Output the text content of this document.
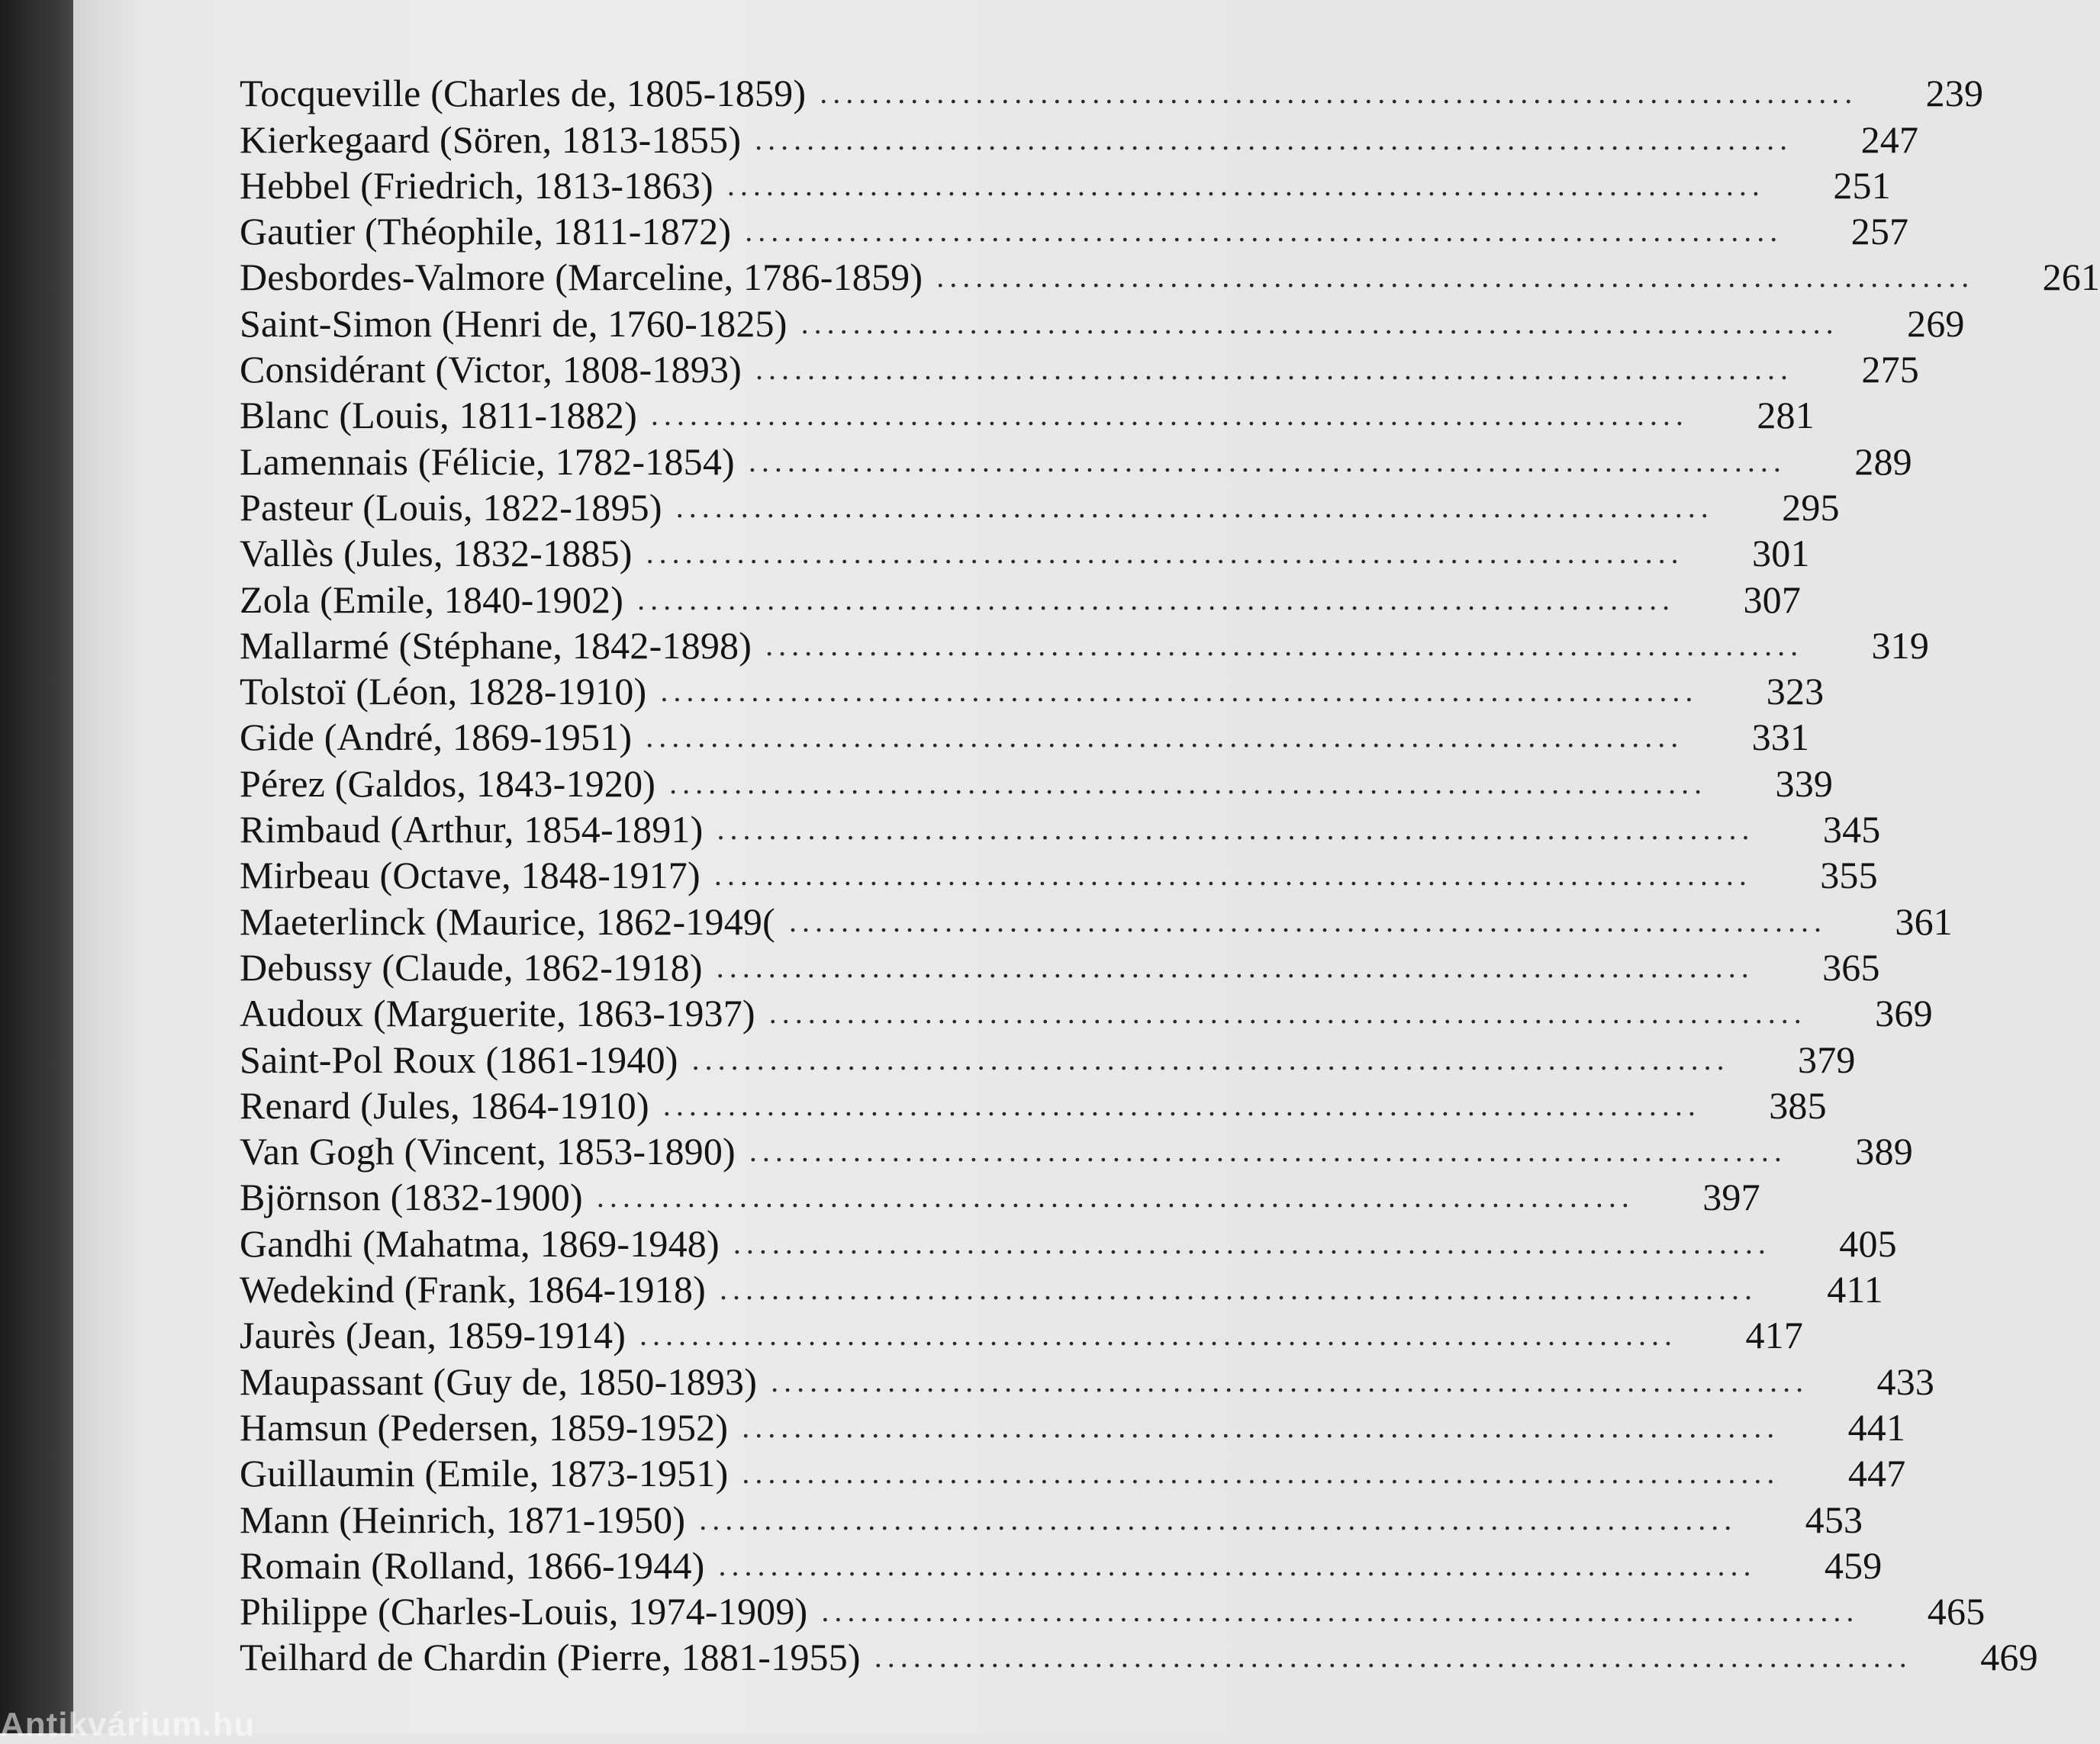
Tocqueville (Charles de, 1805-1859) ................................................................................	239
Kierkegaard (Sören, 1813-1855) ................................................................................	247
Hebbel (Friedrich, 1813-1863) ................................................................................	251
Gautier (Théophile, 1811-1872) ................................................................................	257
Desbordes-Valmore (Marceline, 1786-1859) ................................................................................	261
Saint-Simon (Henri de, 1760-1825) ................................................................................	269
Considérant (Victor, 1808-1893) ................................................................................	275
Blanc (Louis, 1811-1882) ................................................................................	281
Lamennais (Félicie, 1782-1854) ................................................................................	289
Pasteur (Louis, 1822-1895) ................................................................................	295
Vallès (Jules, 1832-1885) ................................................................................	301
Zola (Emile, 1840-1902) ................................................................................	307
Mallarmé (Stéphane, 1842-1898) ................................................................................	319
Tolstoï (Léon, 1828-1910) ................................................................................	323
Gide (André, 1869-1951) ................................................................................	331
Pérez (Galdos, 1843-1920) ................................................................................	339
Rimbaud (Arthur, 1854-1891) ................................................................................	345
Mirbeau (Octave, 1848-1917) ................................................................................	355
Maeterlinck (Maurice, 1862-1949( ................................................................................	361
Debussy (Claude, 1862-1918) ................................................................................	365
Audoux (Marguerite, 1863-1937) ................................................................................	369
Saint-Pol Roux (1861-1940) ................................................................................	379
Renard (Jules, 1864-1910) ................................................................................	385
Van Gogh (Vincent, 1853-1890) ................................................................................	389
Björnson (1832-1900) ................................................................................	397
Gandhi (Mahatma, 1869-1948) ................................................................................	405
Wedekind (Frank, 1864-1918) ................................................................................	411
Jaurès (Jean, 1859-1914) ................................................................................	417
Maupassant (Guy de, 1850-1893) ................................................................................	433
Hamsun (Pedersen, 1859-1952) ................................................................................	441
Guillaumin (Emile, 1873-1951) ................................................................................	447
Mann (Heinrich, 1871-1950) ................................................................................	453
Romain (Rolland, 1866-1944) ................................................................................	459
Philippe (Charles-Louis, 1974-1909) ................................................................................	465
Teilhard de Chardin (Pierre, 1881-1955) ................................................................................	469
Antikvárium.hu
